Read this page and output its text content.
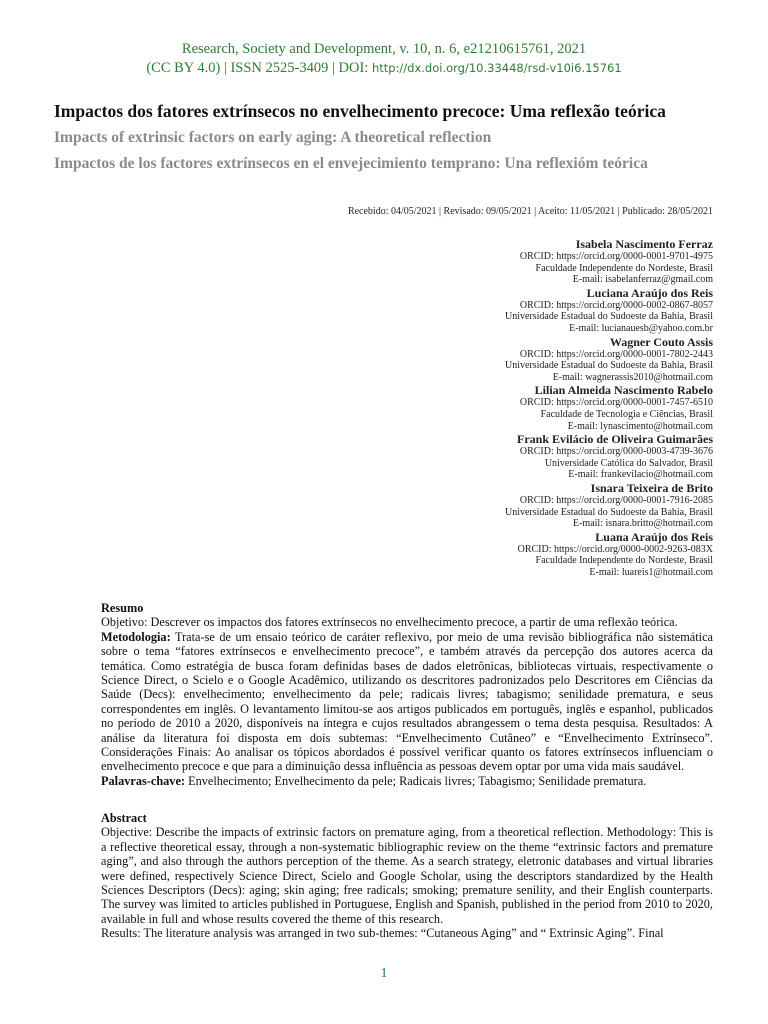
Research, Society and Development, v. 10, n. 6, e21210615761, 2021
(CC BY 4.0) | ISSN 2525-3409 | DOI: http://dx.doi.org/10.33448/rsd-v10i6.15761
Impactos dos fatores extrínsecos no envelhecimento precoce: Uma reflexão teórica
Impacts of extrinsic factors on early aging: A theoretical reflection
Impactos de los factores extrínsecos en el envejecimiento temprano: Una reflexióm teórica
Recebido: 04/05/2021 | Revisado: 09/05/2021 | Aceito: 11/05/2021 | Publicado: 28/05/2021
Isabela Nascimento Ferraz
ORCID: https://orcid.org/0000-0001-9701-4975
Faculdade Independente do Nordeste, Brasil
E-mail: isabelanferraz@gmail.com
Luciana Araújo dos Reis
ORCID: https://orcid.org/0000-0002-0867-8057
Universidade Estadual do Sudoeste da Bahia, Brasil
E-mail: lucianauesb@yahoo.com.br
Wagner Couto Assis
ORCID: https://orcid.org/0000-0001-7802-2443
Universidade Estadual do Sudoeste da Bahia, Brasil
E-mail: wagnerassis2010@hotmail.com
Lilian Almeida Nascimento Rabelo
ORCID: https://orcid.org/0000-0001-7457-6510
Faculdade de Tecnologia e Ciências, Brasil
E-mail: lynascimento@hotmail.com
Frank Evilácio de Oliveira Guimarães
ORCID: https://orcid.org/0000-0003-4739-3676
Universidade Católica do Salvador, Brasil
E-mail: frankevilacio@hotmail.com
Isnara Teixeira de Brito
ORCID: https://orcid.org/0000-0001-7916-2085
Universidade Estadual do Sudoeste da Bahia, Brasil
E-mail: isnara.britto@hotmail.com
Luana Araújo dos Reis
ORCID: https://orcid.org/0000-0002-9263-083X
Faculdade Independente do Nordeste, Brasil
E-mail: luareis1@hotmail.com
Resumo
Objetivo: Descrever os impactos dos fatores extrínsecos no envelhecimento precoce, a partir de uma reflexão teórica.
Metodologia: Trata-se de um ensaio teórico de caráter reflexivo, por meio de uma revisão bibliográfica não sistemática sobre o tema “fatores extrínsecos e envelhecimento precoce”, e também através da percepção dos autores acerca da temática. Como estratégia de busca foram definidas bases de dados eletrônicas, bibliotecas virtuais, respectivamente o Science Direct, o Scielo e o Google Acadêmico, utilizando os descritores padronizados pelo Descritores em Ciências da Saúde (Decs): envelhecimento; envelhecimento da pele; radicais livres; tabagismo; senilidade prematura, e seus correspondentes em inglês. O levantamento limitou-se aos artigos publicados em português, inglês e espanhol, publicados no período de 2010 a 2020, disponíveis na íntegra e cujos resultados abrangessem o tema desta pesquisa. Resultados: A análise da literatura foi disposta em dois subtemas: “Envelhecimento Cutâneo” e “Envelhecimento Extrínseco”. Considerações Finais: Ao analisar os tópicos abordados é possível verificar quanto os fatores extrínsecos influenciam o envelhecimento precoce e que para a diminuição dessa influência as pessoas devem optar por uma vida mais saudável.
Palavras-chave: Envelhecimento; Envelhecimento da pele; Radicais livres; Tabagismo; Senilidade prematura.
Abstract
Objective: Describe the impacts of extrinsic factors on premature aging, from a theoretical reflection. Methodology: This is a reflective theoretical essay, through a non-systematic bibliographic review on the theme “extrinsic factors and premature aging”, and also through the authors perception of the theme. As a search strategy, eletronic databases and virtual libraries were defined, respectively Science Direct, Scielo and Google Scholar, using the descriptors standardized by the Health Sciences Descriptors (Decs): aging; skin aging; free radicals; smoking; premature senility, and their English counterparts. The survey was limited to articles published in Portuguese, English and Spanish, published in the period from 2010 to 2020, available in full and whose results covered the theme of this research.
Results: The literature analysis was arranged in two sub-themes: “Cutaneous Aging” and “ Extrinsic Aging”. Final
1
